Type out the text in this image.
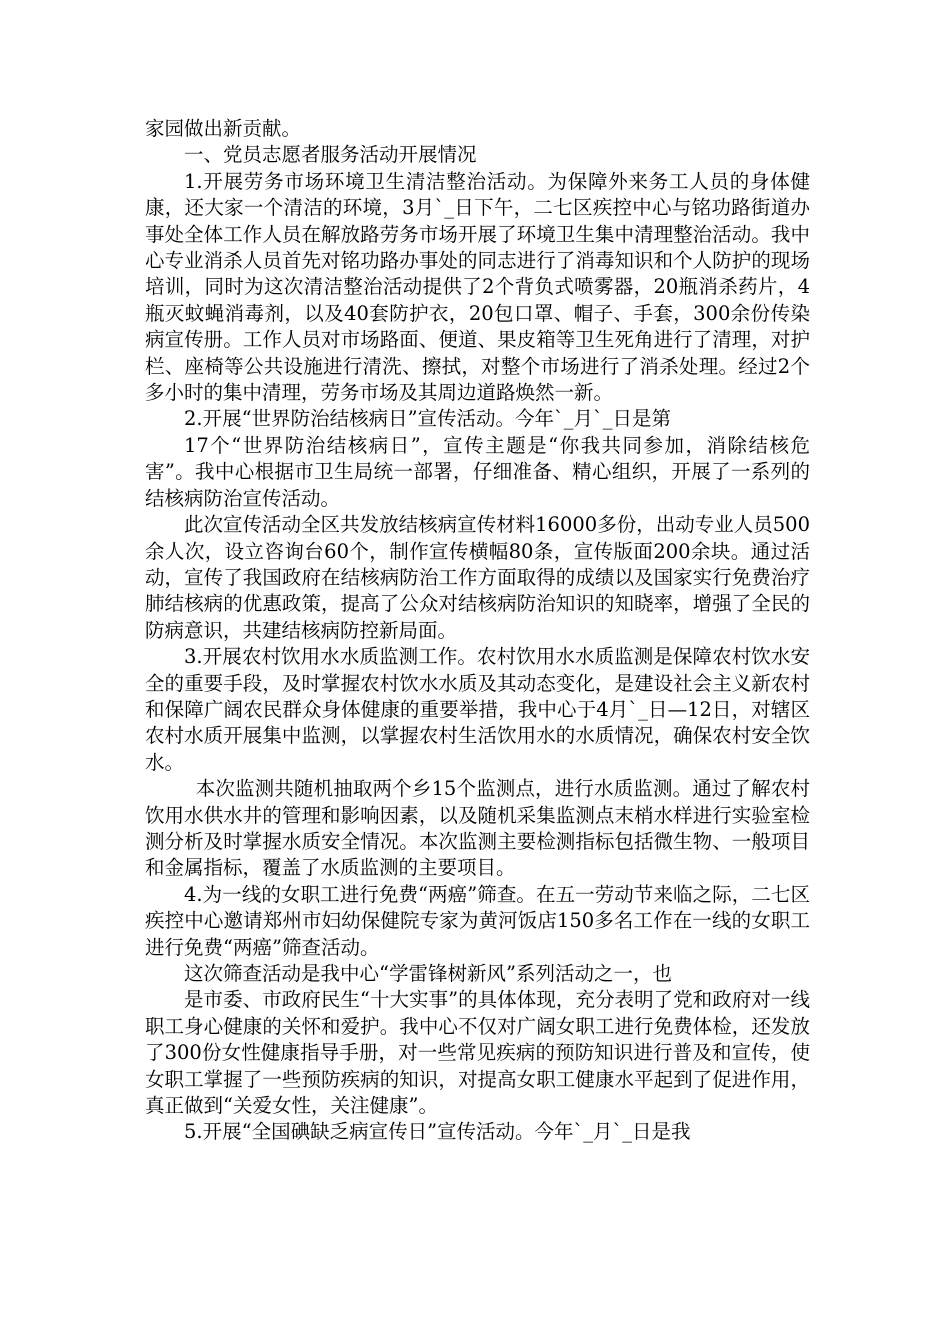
家园做出新贡献。

一、党员志愿者服务活动开展情况

1.开展劳务市场环境卫生清洁整治活动。为保障外来务工人员的身体健康，还大家一个清洁的环境，3月`_日下午，二七区疾控中心与铭功路街道办事处全体工作人员在解放路劳务市场开展了环境卫生集中清理整治活动。我中心专业消杀人员首先对铭功路办事处的同志进行了消毒知识和个人防护的现场培训，同时为这次清洁整治活动提供了2个背负式喷雾器，20瓶消杀药片，4瓶灭蚊蝇消毒剂，以及40套防护衣，20包口罩、帽子、手套，300余份传染病宣传册。工作人员对市场路面、便道、果皮箱等卫生死角进行了清理，对护栏、座椅等公共设施进行清洗、擦拭，对整个市场进行了消杀处理。经过2个多小时的集中清理，劳务市场及其周边道路焕然一新。

2.开展“世界防治结核病日”宣传活动。今年`_月`_日是第

17个“世界防治结核病日”，宣传主题是“你我共同参加，消除结核危害”。我中心根据市卫生局统一部署，仔细准备、精心组织，开展了一系列的结核病防治宣传活动。

此次宣传活动全区共发放结核病宣传材料16000多份，出动专业人员500余人次，设立咨询台60个，制作宣传横幅80条，宣传版面200余块。通过活动，宣传了我国政府在结核病防治工作方面取得的成绩以及国家实行免费治疗肺结核病的优惠政策，提高了公众对结核病防治知识的知晓率，增强了全民的防病意识，共建结核病防控新局面。

3.开展农村饮用水水质监测工作。农村饮用水水质监测是保障农村饮水安全的重要手段，及时掌握农村饮水水质及其动态变化，是建设社会主义新农村和保障广阔农民群众身体健康的重要举措，我中心于4月`_日—12日，对辖区农村水质开展集中监测，以掌握农村生活饮用水的水质情况，确保农村安全饮水。

本次监测共随机抽取两个乡15个监测点，进行水质监测。通过了解农村饮用水供水井的管理和影响因素，以及随机采集监测点末梢水样进行实验室检测分析及时掌握水质安全情况。本次监测主要检测指标包括微生物、一般项目和金属指标，覆盖了水质监测的主要项目。

4.为一线的女职工进行免费“两癌”筛查。在五一劳动节来临之际，二七区疾控中心邀请郑州市妇幼保健院专家为黄河饭店150多名工作在一线的女职工进行免费“两癌”筛查活动。

这次筛查活动是我中心“学雷锋树新风”系列活动之一，也

是市委、市政府民生“十大实事”的具体体现，充分表明了党和政府对一线职工身心健康的关怀和爱护。我中心不仅对广阔女职工进行免费体检，还发放了300份女性健康指导手册，对一些常见疾病的预防知识进行普及和宣传，使女职工掌握了一些预防疾病的知识，对提高女职工健康水平起到了促进作用，真正做到“关爱女性，关注健康”。

5.开展“全国碘缺乏病宣传日”宣传活动。今年`_月`_日是我
